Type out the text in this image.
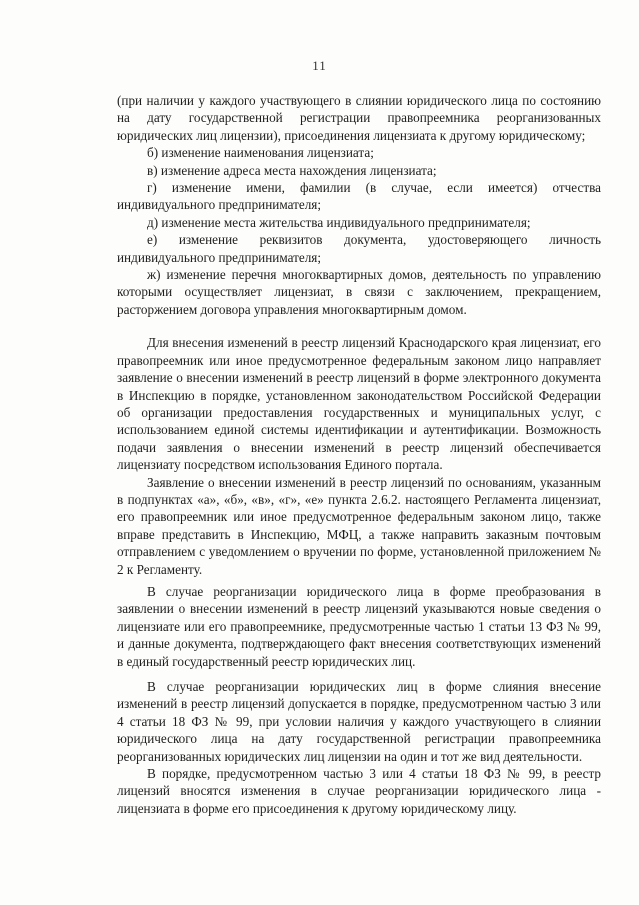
11

(при наличии у каждого участвующего в слиянии юридического лица по состоянию на дату государственной регистрации правопреемника реорганизованных юридических лиц лицензии), присоединения лицензиата к другому юридическому;

б) изменение наименования лицензиата;

в) изменение адреса места нахождения лицензиата;

г) изменение имени, фамилии (в случае, если имеется) отчества индивидуального предпринимателя;

д) изменение места жительства индивидуального предпринимателя;

е) изменение реквизитов документа, удостоверяющего личность индивидуального предпринимателя;

ж) изменение перечня многоквартирных домов, деятельность по управлению которыми осуществляет лицензиат, в связи с заключением, прекращением, расторжением договора управления многоквартирным домом.

Для внесения изменений в реестр лицензий Краснодарского края лицензиат, его правопреемник или иное предусмотренное федеральным законом лицо направляет заявление о внесении изменений в реестр лицензий в форме электронного документа в Инспекцию в порядке, установленном законодательством Российской Федерации об организации предоставления государственных и муниципальных услуг, с использованием единой системы идентификации и аутентификации. Возможность подачи заявления о внесении изменений в реестр лицензий обеспечивается лицензиату посредством использования Единого портала.

Заявление о внесении изменений в реестр лицензий по основаниям, указанным в подпунктах «а», «б», «в», «г», «е» пункта 2.6.2. настоящего Регламента лицензиат, его правопреемник или иное предусмотренное федеральным законом лицо, также вправе представить в Инспекцию, МФЦ, а также направить заказным почтовым отправлением с уведомлением о вручении по форме, установленной приложением № 2 к Регламенту.

В случае реорганизации юридического лица в форме преобразования в заявлении о внесении изменений в реестр лицензий указываются новые сведения о лицензиате или его правопреемнике, предусмотренные частью 1 статьи 13 ФЗ № 99, и данные документа, подтверждающего факт внесения соответствующих изменений в единый государственный реестр юридических лиц.

В случае реорганизации юридических лиц в форме слияния внесение изменений в реестр лицензий допускается в порядке, предусмотренном частью 3 или 4 статьи 18 ФЗ № 99, при условии наличия у каждого участвующего в слиянии юридического лица на дату государственной регистрации правопреемника реорганизованных юридических лиц лицензии на один и тот же вид деятельности.

В порядке, предусмотренном частью 3 или 4 статьи 18 ФЗ № 99, в реестр лицензий вносятся изменения в случае реорганизации юридического лица - лицензиата в форме его присоединения к другому юридическому лицу.
